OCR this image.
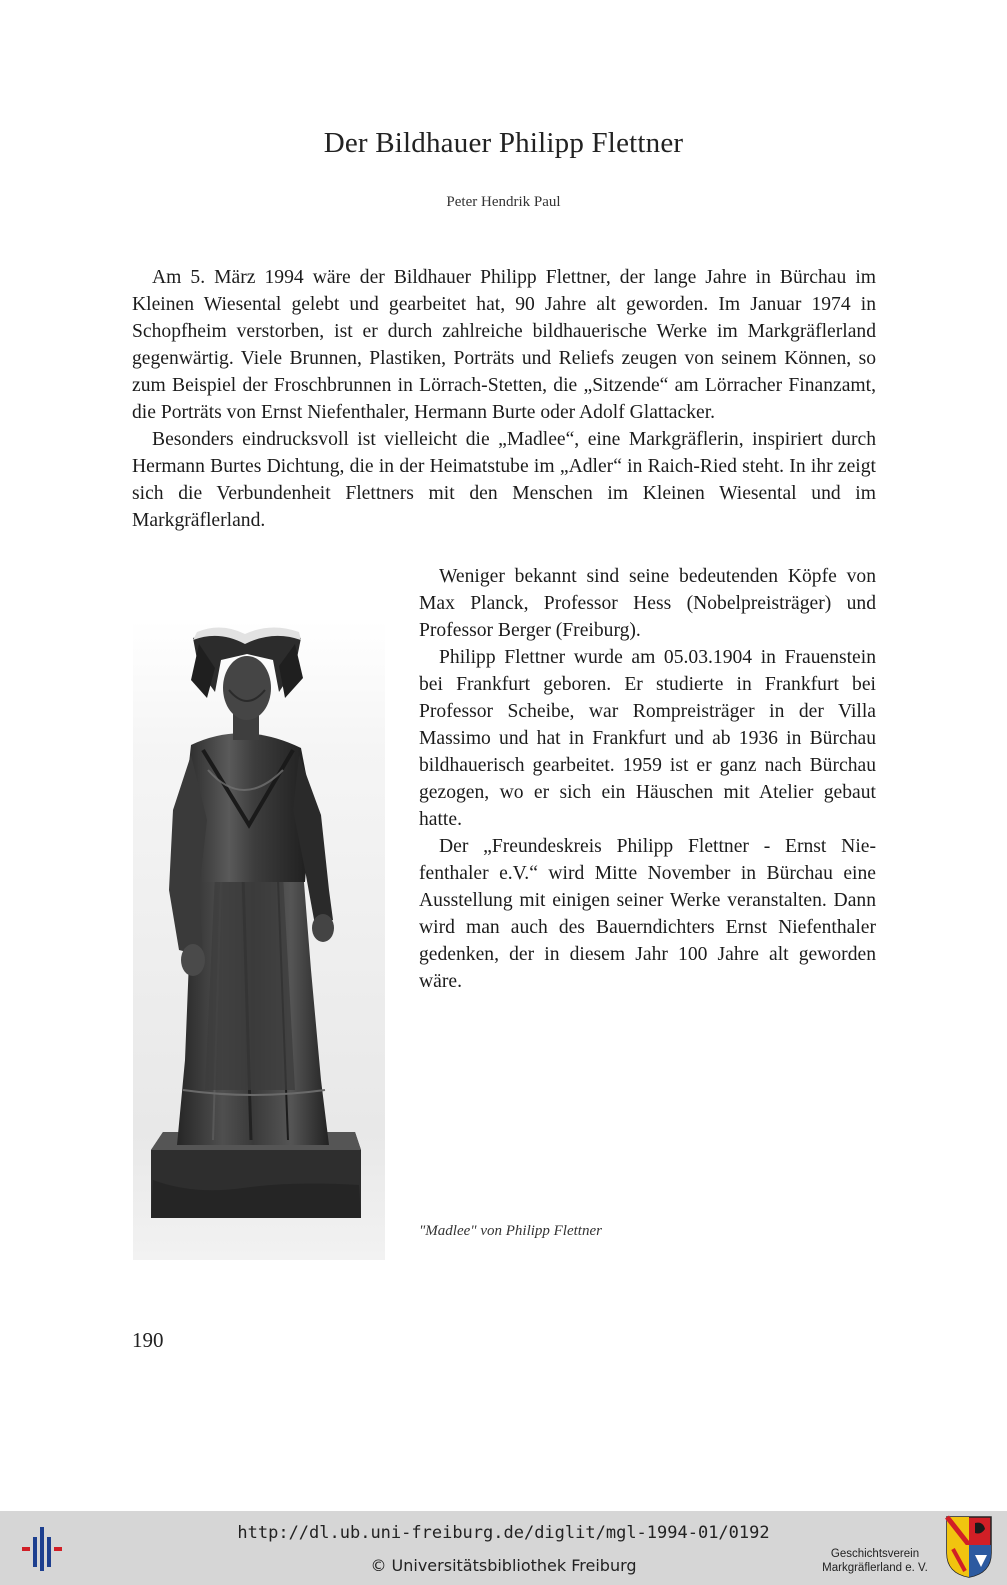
Der Bildhauer Philipp Flettner
Peter Hendrik Paul

Am 5. März 1994 wäre der Bildhauer Philipp Flettner, der lange Jahre in Bürchau im Kleinen Wiesental gelebt und gearbeitet hat, 90 Jahre alt geworden. Im Januar 1974 in Schopfheim verstorben, ist er durch zahlreiche bildhauerische Werke im Markgräflerland gegenwärtig. Viele Brunnen, Plastiken, Porträts und Reliefs zeugen von seinem Können, so zum Beispiel der Froschbrunnen in Lörrach-Stetten, die „Sitzende“ am Lörracher Finanzamt, die Porträts von Ernst Niefenthaler, Hermann Burte oder Adolf Glattacker.

Besonders eindrucksvoll ist vielleicht die „Madlee“, eine Markgräflerin, inspiriert durch Hermann Burtes Dichtung, die in der Heimatstube im „Adler“ in Raich-Ried steht. In ihr zeigt sich die Verbundenheit Flettners mit den Menschen im Kleinen Wiesental und im Markgräflerland.

Weniger bekannt sind seine bedeutenden Köpfe von Max Planck, Professor Hess (Nobelpreisträger) und Professor Berger (Freiburg).

Philipp Flettner wurde am 05.03.1904 in Frauenstein bei Frankfurt geboren. Er studierte in Frankfurt bei Professor Scheibe, war Rompreisträger in der Villa Massimo und hat in Frankfurt und ab 1936 in Bürchau bildhauerisch gearbeitet. 1959 ist er ganz nach Bürchau gezogen, wo er sich ein Häuschen mit Atelier gebaut hatte.

Der „Freundeskreis Philipp Flettner - Ernst Niefenthaler e.V.“ wird Mitte November in Bürchau eine Ausstellung mit einigen seiner Werke veranstalten. Dann wird man auch des Bauerndichters Ernst Niefenthaler gedenken, der in diesem Jahr 100 Jahre alt geworden wäre.

"Madlee" von Philipp Flettner
190
http://dl.ub.uni-freiburg.de/diglit/mgl-1994-01/0192
© Universitätsbibliothek Freiburg
Geschichtsverein
Markgräflerland e. V.
